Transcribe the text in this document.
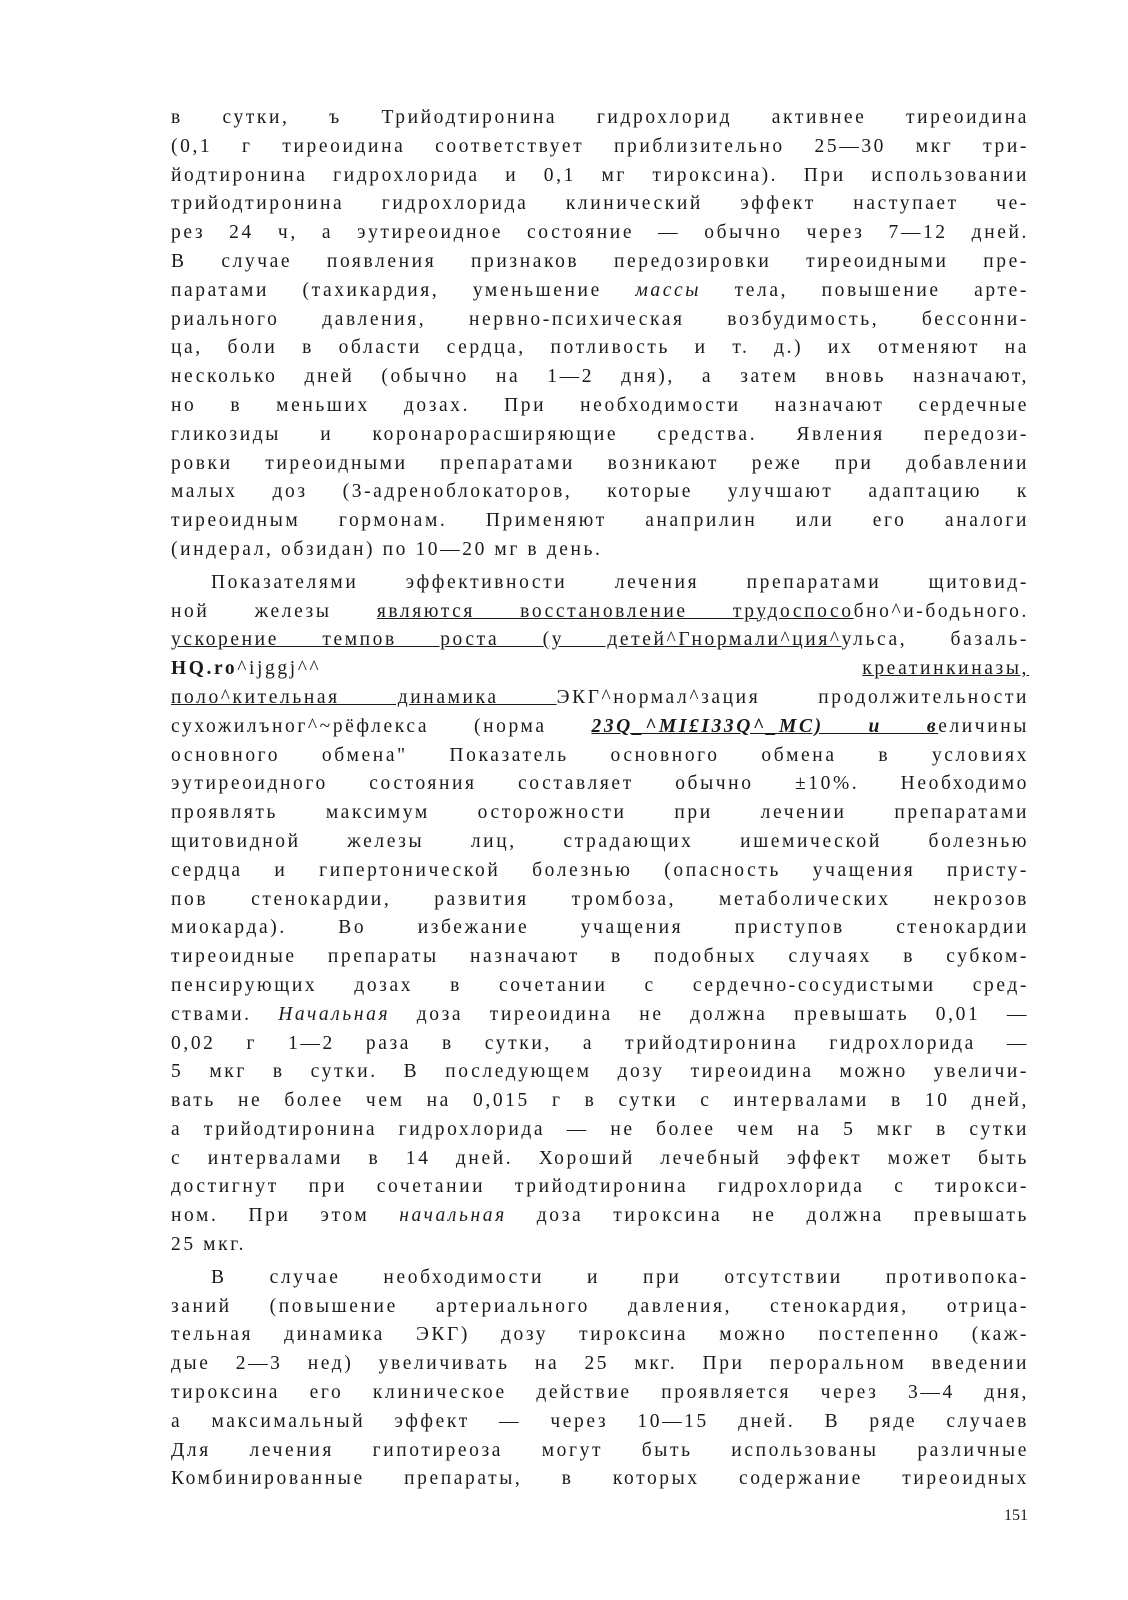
в сутки, ъ Трийодтиронина гидрохлорид активнее тиреоидина
(0,1 г тиреоидина соответствует приблизительно 25—30 мкг три-
йодтиронина гидрохлорида и 0,1 мг тироксина). При использовании
трийодтиронина гидрохлорида клинический эффект наступает че-
рез 24 ч, а эутиреоидное состояние — обычно через 7—12 дней.
В случае появления признаков передозировки тиреоидными пре-
паратами (тахикардия, уменьшение массы тела, повышение арте-
риального давления, нервно-психическая возбудимость, бессонни-
ца, боли в области сердца, потливость и т. д.) их отменяют на
несколько дней (обычно на 1—2 дня), а затем вновь назначают,
но в меньших дозах. При необходимости назначают сердечные
гликозиды и коронарорасширяющие средства. Явления передози-
ровки тиреоидными препаратами возникают реже при добавлении
малых доз (3-адреноблокаторов, которые улучшают адаптацию к
тиреоидным гормонам. Применяют анаприлин или его аналоги
(индерал, обзидан) по 10—20 мг в день.
Показателями эффективности лечения препаратами щитовид-
ной железы являются восстановление трудоспособно^и-бодьного.
ускорение темпов роста (у детей^Гнормали^ция^ульса, базаль-
HQ.ro^ijggj^^ креатинкиназы,
поло^кительная динамика ЭКГ^нормал^зация продолжительности
сухожилъног^~рёфлекса (норма 23Q_^MI£I33Q^_MC) и величины
основного обмена" Показатель основного обмена в условиях
эутиреоидного состояния составляет обычно ±10%. Необходимо
проявлять максимум осторожности при лечении препаратами
щитовидной железы лиц, страдающих ишемической болезнью
сердца и гипертонической болезнью (опасность учащения присту-
пов стенокардии, развития тромбоза, метаболических некрозов
миокарда). Во избежание учащения приступов стенокардии
тиреоидные препараты назначают в подобных случаях в субком-
пенсирующих дозах в сочетании с сердечно-сосудистыми сред-
ствами. Начальная доза тиреоидина не должна превышать 0,01 —
0,02 г 1—2 раза в сутки, а трийодтиронина гидрохлорида —
5 мкг в сутки. В последующем дозу тиреоидина можно увеличи-
вать не более чем на 0,015 г в сутки с интервалами в 10 дней,
а трийодтиронина гидрохлорида — не более чем на 5 мкг в сутки
с интервалами в 14 дней. Хороший лечебный эффект может быть
достигнут при сочетании трийодтиронина гидрохлорида с тирокси-
ном. При этом начальная доза тироксина не должна превышать
25 мкг.
В случае необходимости и при отсутствии противопока-
заний (повышение артериального давления, стенокардия, отрица-
тельная динамика ЭКГ) дозу тироксина можно постепенно (каж-
дые 2—3 нед) увеличивать на 25 мкг. При пероральном введении
тироксина его клиническое действие проявляется через 3—4 дня,
а максимальный эффект — через 10—15 дней. В ряде случаев
Для лечения гипотиреоза могут быть использованы различные
Комбинированные препараты, в которых содержание тиреоидных
151
